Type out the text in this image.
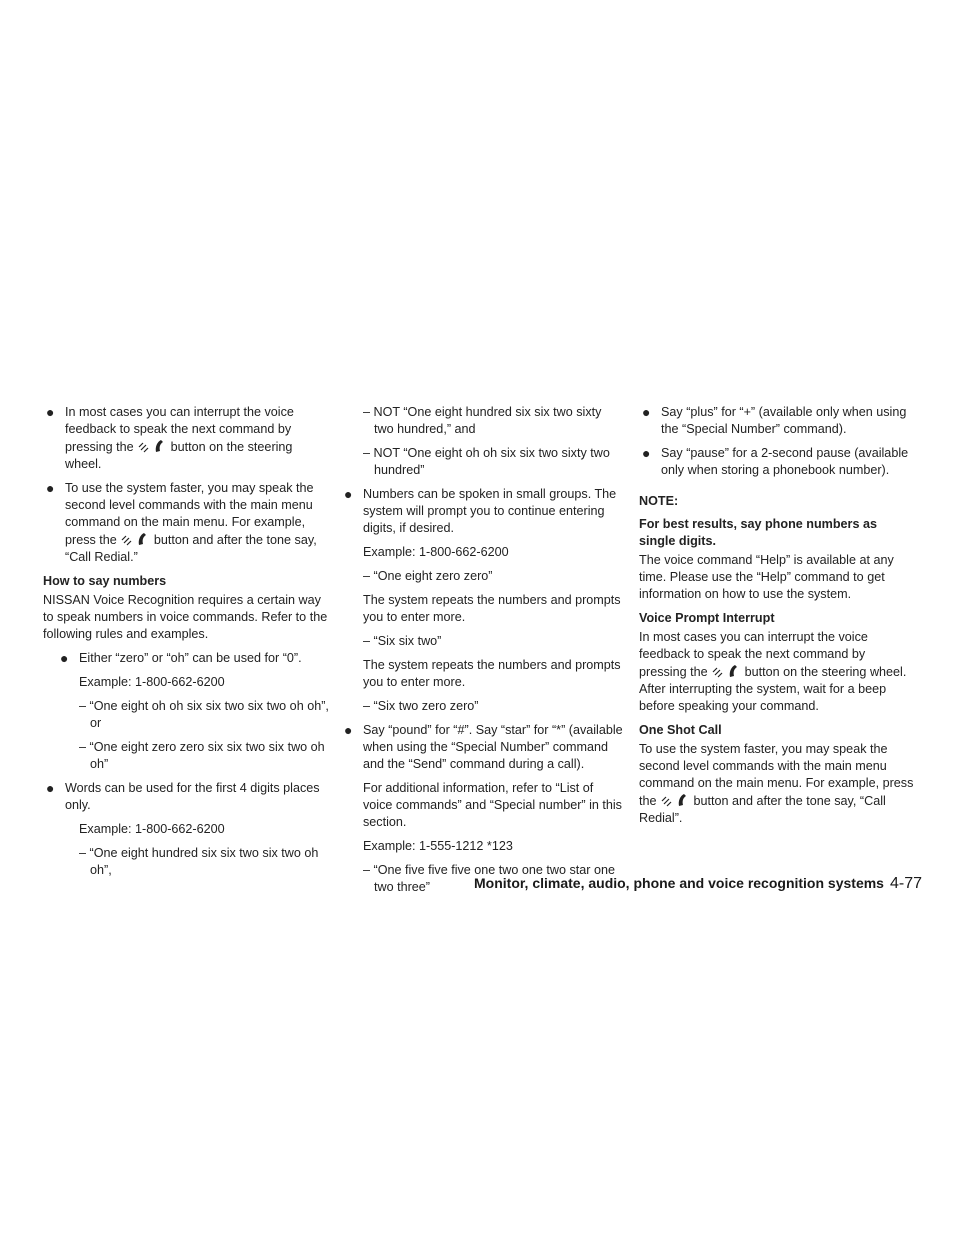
● In most cases you can interrupt the voice feedback to speak the next command by pressing the	button on the steering wheel.
● To use the system faster, you may speak the second level commands with the main menu command on the main menu. For example, press the	button and after the tone say, “Call Redial.”
How to say numbers
NISSAN Voice Recognition requires a certain way to speak numbers in voice commands. Refer to the following rules and examples.
● Either “zero” or “oh” can be used for “0”.
Example: 1-800-662-6200
– “One eight oh oh six six two six two oh oh”, or
– “One eight zero zero six six two six two oh oh”
● Words can be used for the first 4 digits places only.
Example: 1-800-662-6200
– “One eight hundred six six two six two oh oh”,
– NOT “One eight hundred six six two sixty two hundred,” and
– NOT “One eight oh oh six six two sixty two hundred”
● Numbers can be spoken in small groups. The system will prompt you to continue entering digits, if desired.
Example: 1-800-662-6200
– “One eight zero zero”
The system repeats the numbers and prompts you to enter more.
– “Six six two”
The system repeats the numbers and prompts you to enter more.
– “Six two zero zero”
● Say “pound” for “#”. Say “star” for “*” (available when using the “Special Number” command and the “Send” command during a call).
For additional information, refer to “List of voice commands” and “Special number” in this section.
Example: 1-555-1212 *123
– “One five five five one two one two star one two three”
● Say “plus” for “+” (available only when using the “Special Number” command).
● Say “pause” for a 2-second pause (available only when storing a phonebook number).
NOTE:
For best results, say phone numbers as single digits.
The voice command “Help” is available at any time. Please use the “Help” command to get information on how to use the system.
Voice Prompt Interrupt
In most cases you can interrupt the voice feedback to speak the next command by pressing the	button on the steering wheel. After interrupting the system, wait for a beep before speaking your command.
One Shot Call
To use the system faster, you may speak the second level commands with the main menu command on the main menu. For example, press the	button and after the tone say, “Call Redial”.
Monitor, climate, audio, phone and voice recognition systems 4-77
